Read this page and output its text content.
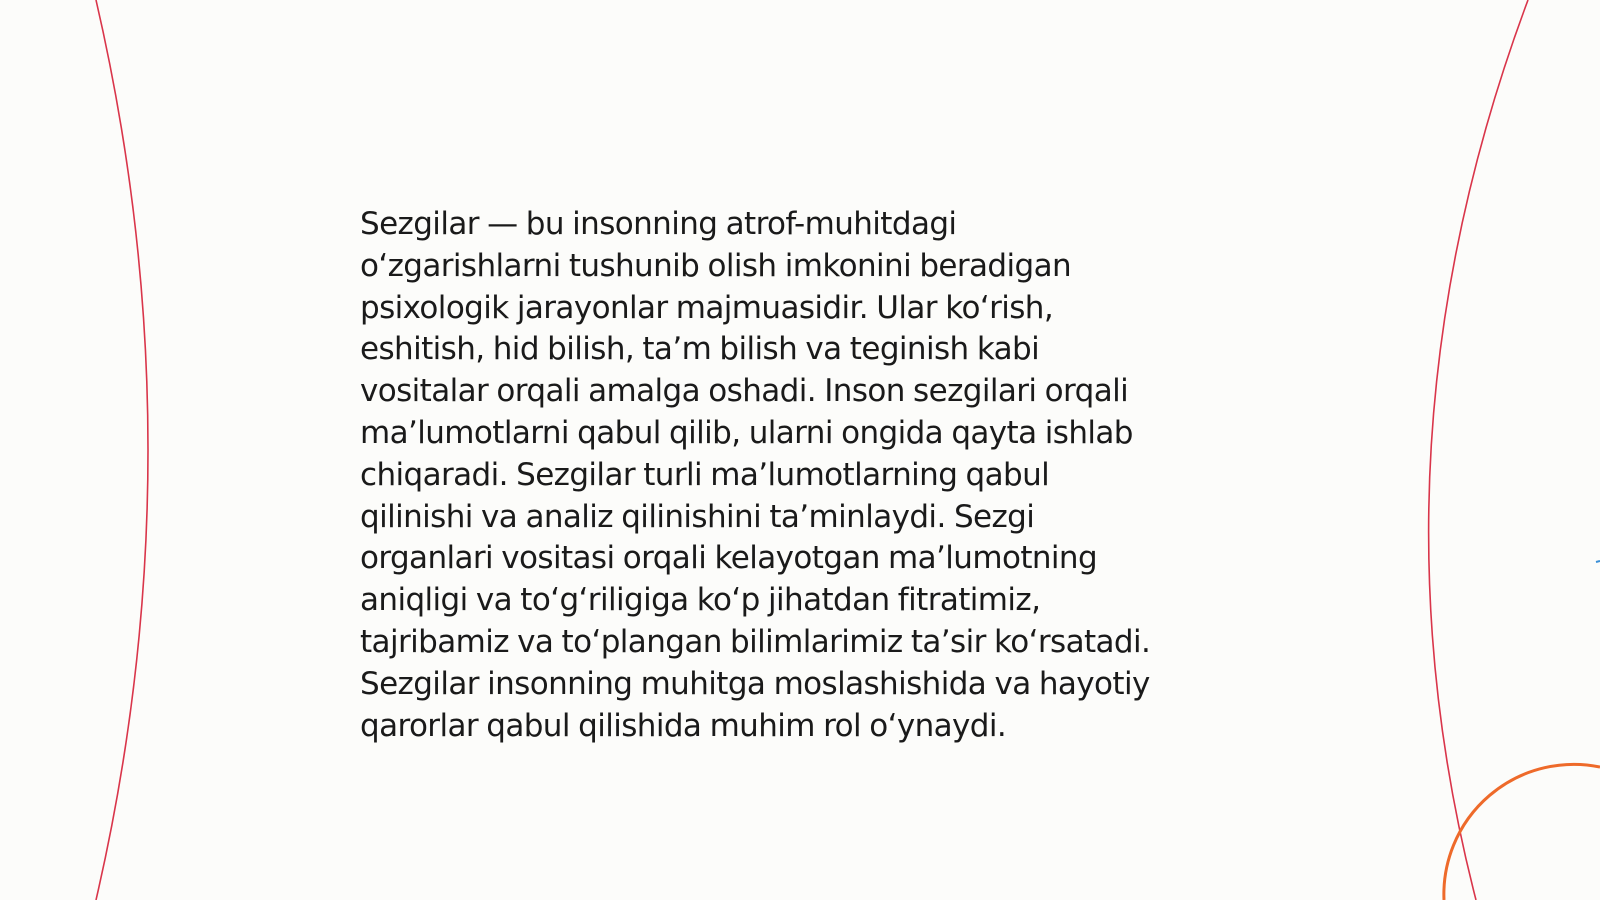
Sezgilar — bu insonning atrof-muhitdagi
o‘zgarishlarni tushunib olish imkonini beradigan
psixologik jarayonlar majmuasidir. Ular ko‘rish,
eshitish, hid bilish, ta’m bilish va teginish kabi
vositalar orqali amalga oshadi. Inson sezgilari orqali
ma’lumotlarni qabul qilib, ularni ongida qayta ishlab
chiqaradi. Sezgilar turli ma’lumotlarning qabul
qilinishi va analiz qilinishini ta’minlaydi. Sezgi
organlari vositasi orqali kelayotgan ma’lumotning
aniqligi va to‘g‘riligiga ko‘p jihatdan fitratimiz,
tajribamiz va to‘plangan bilimlarimiz ta’sir ko‘rsatadi.
Sezgilar insonning muhitga moslashishida va hayotiy
qarorlar qabul qilishida muhim rol o‘ynaydi.
